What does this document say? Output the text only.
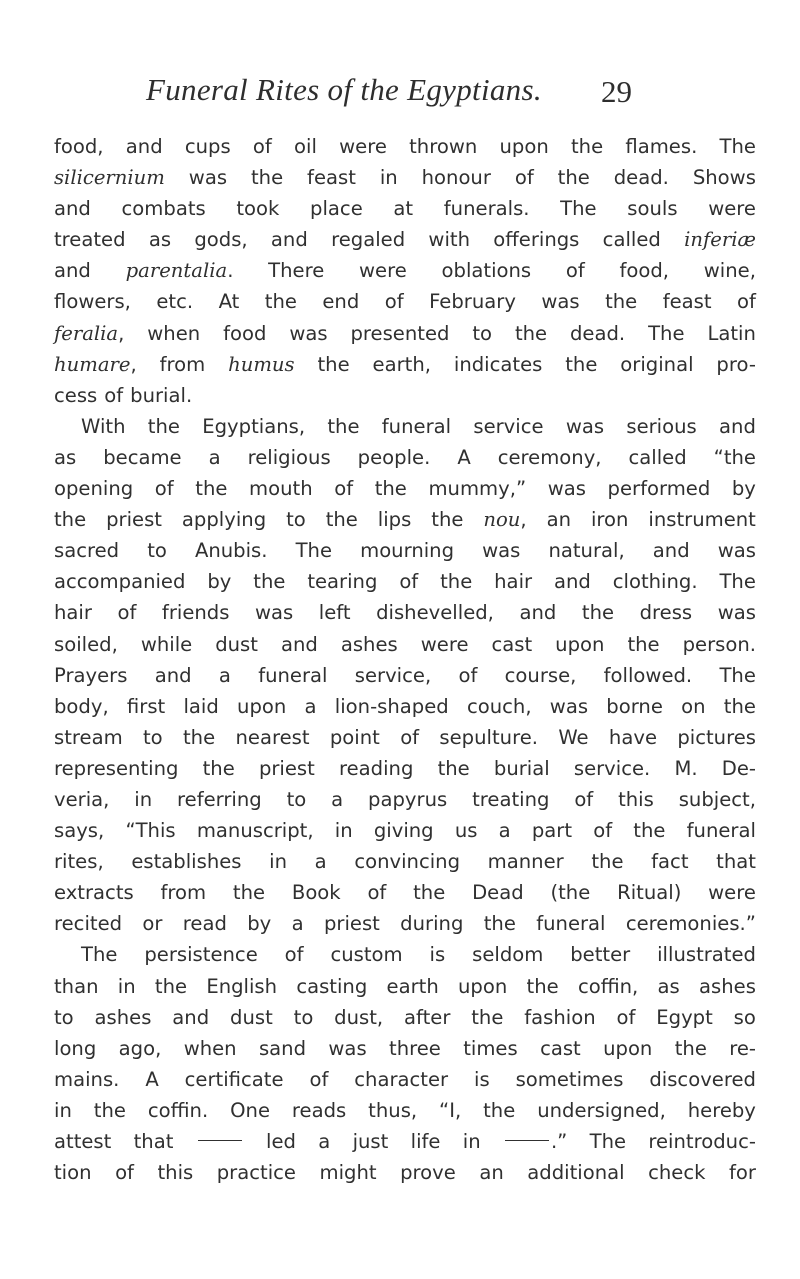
Funeral Rites of the Egyptians. 29
food, and cups of oil were thrown upon the flames. The
silicernium was the feast in honour of the dead. Shows
and combats took place at funerals. The souls were
treated as gods, and regaled with offerings called inferiæ
and parentalia. There were oblations of food, wine,
flowers, etc. At the end of February was the feast of
feralia, when food was presented to the dead. The Latin
humare, from humus the earth, indicates the original pro-
cess of burial.
With the Egyptians, the funeral service was serious and
as became a religious people. A ceremony, called “the
opening of the mouth of the mummy,” was performed by
the priest applying to the lips the nou, an iron instrument
sacred to Anubis. The mourning was natural, and was
accompanied by the tearing of the hair and clothing. The
hair of friends was left dishevelled, and the dress was
soiled, while dust and ashes were cast upon the person.
Prayers and a funeral service, of course, followed. The
body, first laid upon a lion-shaped couch, was borne on the
stream to the nearest point of sepulture. We have pictures
representing the priest reading the burial service. M. De-
veria, in referring to a papyrus treating of this subject,
says, “This manuscript, in giving us a part of the funeral
rites, establishes in a convincing manner the fact that
extracts from the Book of the Dead (the Ritual) were
recited or read by a priest during the funeral ceremonies.”
The persistence of custom is seldom better illustrated
than in the English casting earth upon the coffin, as ashes
to ashes and dust to dust, after the fashion of Egypt so
long ago, when sand was three times cast upon the re-
mains. A certificate of character is sometimes discovered
in the coffin. One reads thus, “I, the undersigned, hereby
attest that	led a just life in	.” The reintroduc-
tion of this practice might prove an additional check for
